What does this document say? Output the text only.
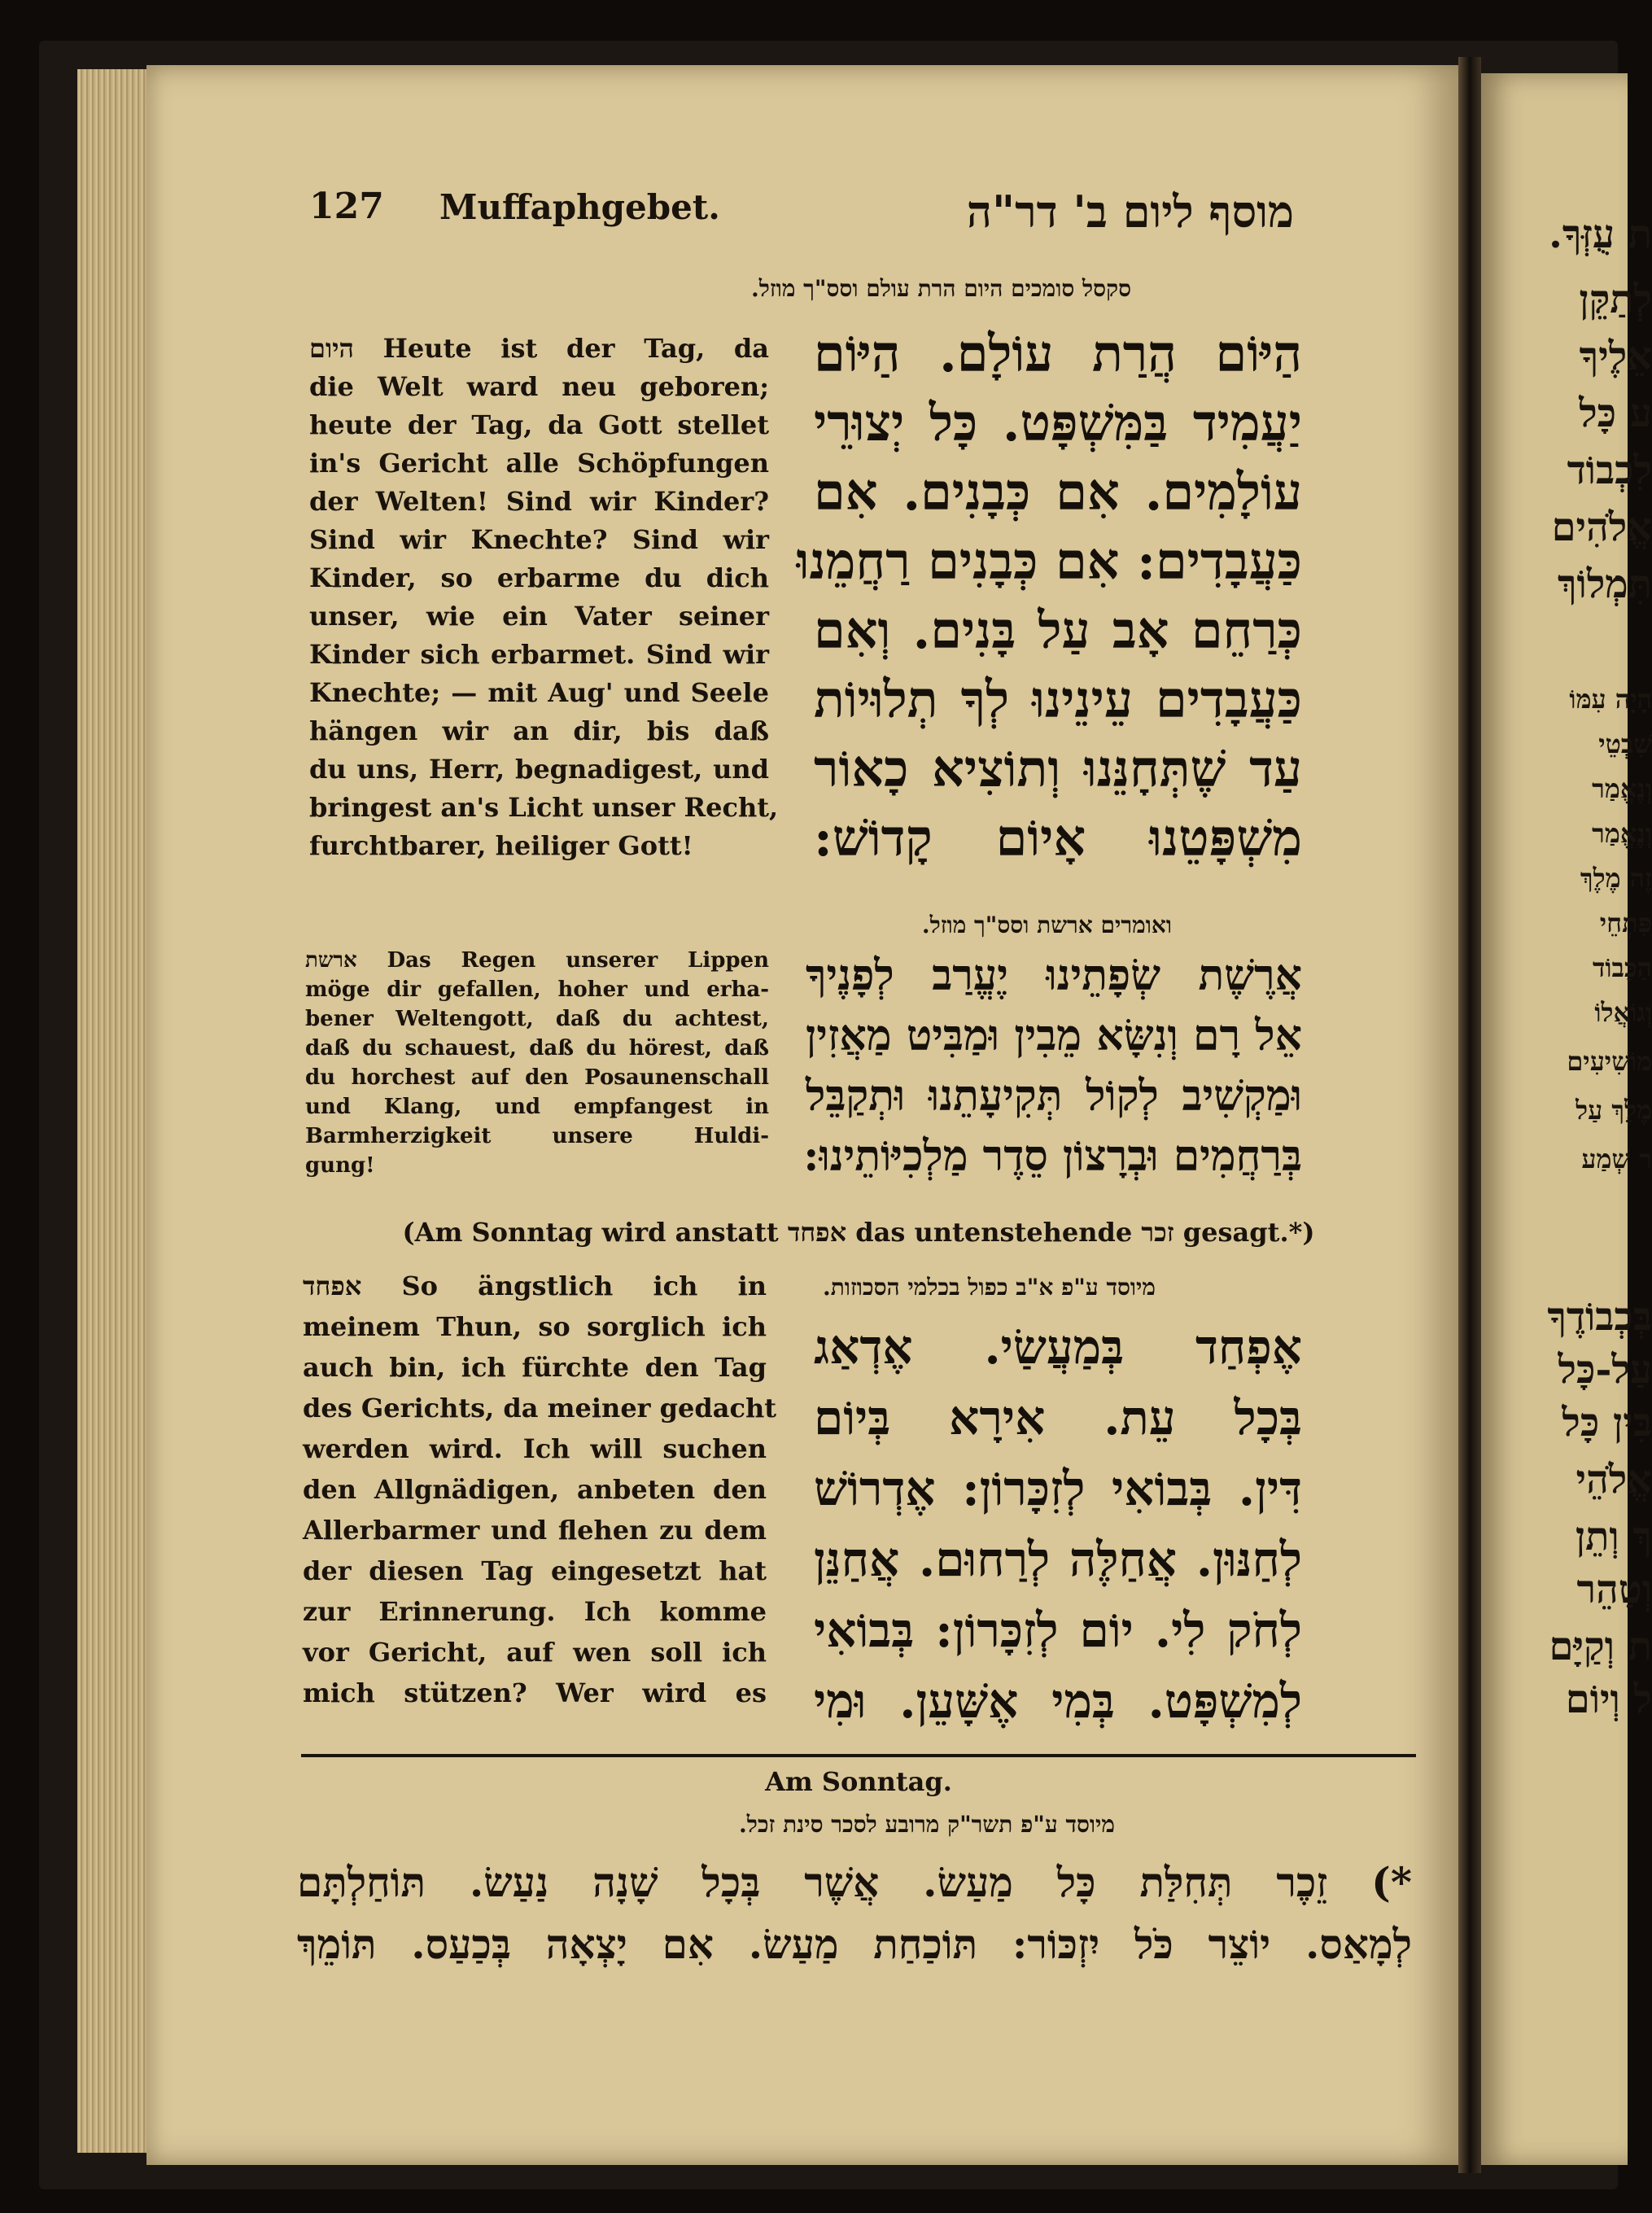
ת עֻזְּךָ.
לְתַקֵּן
אֵלֶיךָ
ע כָּל
לִכְבוֹד
אֱלֹהִים
תִּמְלוֹךְ
הָיָה עִמּוֹ
שִׁבְטֵי
וְנֶאֱמַר
וְנֶאֱמַר
זֶה מֶלֶךְ
פִּתְחֵי
הַכָּבוֹד
וְגוֹאֲלוֹ
מוֹשִׁיעִים
מֶלֶךְ עַל
ר שְׁמַע
בְּכְבוֹדֶךָ
עַל-כָּל
בִּין כָּל
אֱלֹהֵי
ךְ וְתֵן
וְטַהֵר
ת וְקַיָּם
ל וְיוֹם
127 Muffaphgebet.	מוסף ליום ב' דר"ה
סקסל סומכים היום הרת עולם וסס"ך מוזל.
הַיּוֹם הֲרַת עוֹלָם. הַיּוֹם
יַעֲמִיד בַּמִּשְׁפָּט. כָּל יְצוּרֵי
עוֹלָמִים. אִם כְּבָנִים. אִם
כַּעֲבָדִים: אִם כְּבָנִים רַחֲמֵנוּ
כְּרַחֵם אָב עַל בָּנִים. וְאִם
כַּעֲבָדִים עֵינֵינוּ לְךָ תְלוּיוֹת
עַד שֶׁתְּחָנֵּנוּ וְתוֹצִיא כָאוֹר
מִשְׁפָּטֵנוּ אָיוֹם קָדוֹשׁ:
היום Heute ist der Tag, da
die Welt ward neu geboren;
heute der Tag, da Gott stellet
in's Gericht alle Schöpfungen
der Welten! Sind wir Kinder?
Sind wir Knechte? Sind wir
Kinder, so erbarme du dich
unser, wie ein Vater seiner
Kinder sich erbarmet. Sind wir
Knechte; — mit Aug' und Seele
hängen wir an dir, bis daß
du uns, Herr, begnadigest, und
bringest an's Licht unser Recht,
furchtbarer, heiliger Gott!
ואומרים ארשת וסס"ך מוזל.
אֲרֶשֶׁת שְׂפָתֵינוּ יֶעֱרַב לְפָנֶיךָ
אֵל רָם וְנִשָּׂא מֵבִין וּמַבִּיט מַאֲזִין
וּמַקְשִׁיב לְקוֹל תְּקִיעָתֵנוּ וּתְקַבֵּל
בְּרַחֲמִים וּבְרָצוֹן סֵדֶר מַלְכִיּוֹתֵינוּ:
ארשת Das Regen unserer Lippen
möge dir gefallen, hoher und erha-
bener Weltengott, daß du achtest,
daß du schauest, daß du hörest, daß
du horchest auf den Posaunenschall
und Klang, und empfangest in
Barmherzigkeit unsere Huldi-
gung!
(Am Sonntag wird anstatt אפחד das untenstehende זכר gesagt.*)
מיוסד ע"פ א"ב כפול בכלמי הסכוזות.
אֶפְחַד בְּמַעֲשַׂי. אֶדְאַג
בְּכָל עֵת. אִירָא בְּיוֹם
דִּין. בְּבוֹאִי לְזִכָּרוֹן: אֶדְרוֹשׁ
לְחַנּוּן. אֲחַלֶּה לְרַחוּם. אֲחַנֵּן
לְחֹק לִי. יוֹם לְזִכָּרוֹן: בְּבוֹאִי
לְמִשְׁפָּט. בְּמִי אֶשָּׁעֵן. וּמִי
אפחד So ängstlich ich in
meinem Thun, so sorglich ich
auch bin, ich fürchte den Tag
des Gerichts, da meiner gedacht
werden wird. Ich will suchen
den Allgnädigen, anbeten den
Allerbarmer und flehen zu dem
der diesen Tag eingesetzt hat
zur Erinnerung. Ich komme
vor Gericht, auf wen soll ich
mich stützen? Wer wird es
Am Sonntag.
מיוסד ע"פ תשר"ק מרובע לסכר סינת זכל.
*) זֵכֶר תְּחִלַּת כָּל מַעַשׂ. אֲשֶׁר בְּכָל שָׁנָה נַעַשׂ. תּוֹחַלְתָּם
לְמָאַס. יוֹצֵר כֹּל יִזְכּוֹר: תּוֹכַחַת מַעַשׂ. אִם יָצְאָה בְּכַעַס. תּוֹמֵךְ
